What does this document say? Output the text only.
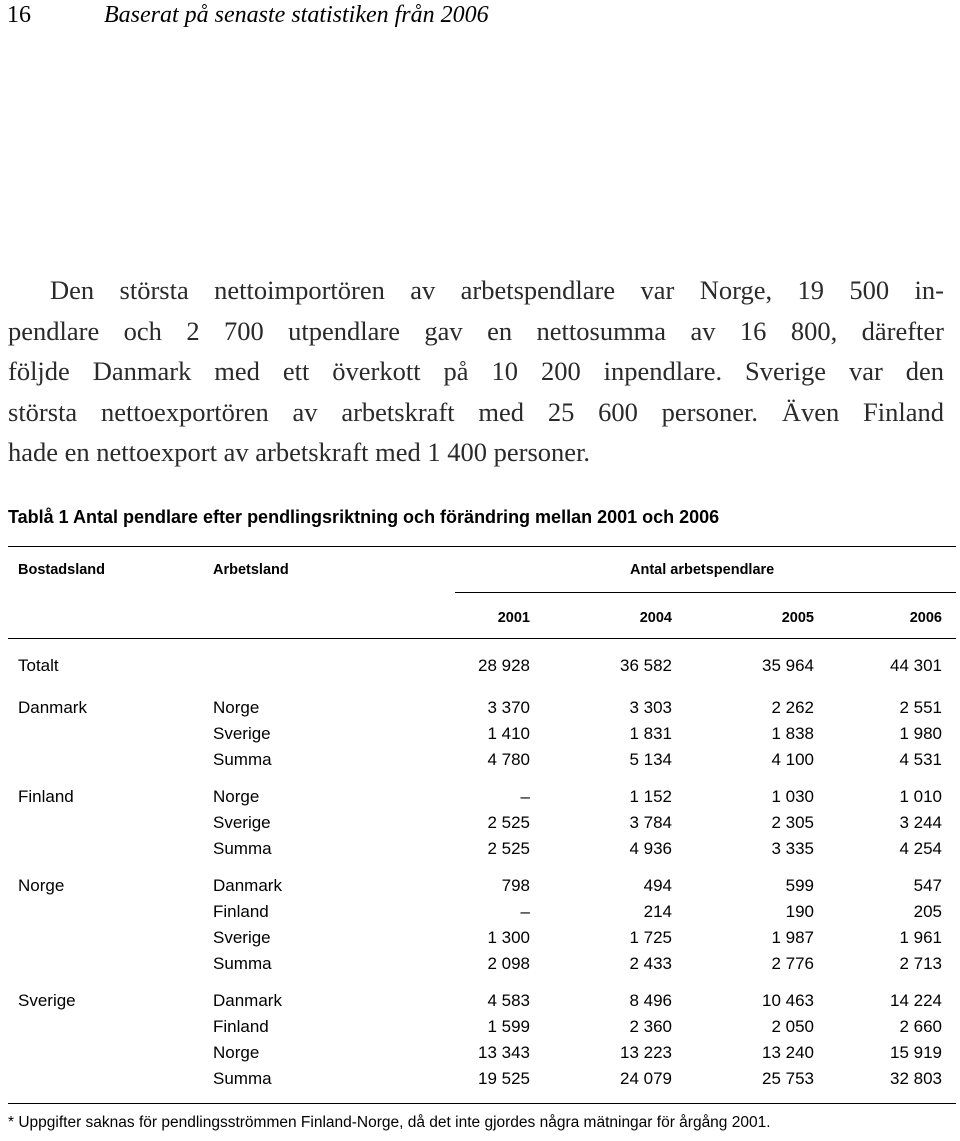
16	Baserat på senaste statistiken från 2006
Den största nettoimportören av arbetspendlare var Norge, 19 500 in-
pendlare och 2 700 utpendlare gav en nettosumma av 16 800, därefter
följde Danmark med ett överkott på 10 200 inpendlare. Sverige var den
största nettoexportören av arbetskraft med 25 600 personer. Även Finland
hade en nettoexport av arbetskraft med 1 400 personer.
Tablå 1 Antal pendlare efter pendlingsriktning och förändring mellan 2001 och 2006
Bostadsland	Arbetsland	Antal arbetspendlare
2001	2004	2005	2006
Totalt	28 928	36 582	35 964	44 301
Danmark	Norge	3 370	3 303	2 262	2 551
Sverige	1 410	1 831	1 838	1 980
Summa	4 780	5 134	4 100	4 531
Finland	Norge	–	1 152	1 030	1 010
Sverige	2 525	3 784	2 305	3 244
Summa	2 525	4 936	3 335	4 254
Norge	Danmark	798	494	599	547
Finland	–	214	190	205
Sverige	1 300	1 725	1 987	1 961
Summa	2 098	2 433	2 776	2 713
Sverige	Danmark	4 583	8 496	10 463	14 224
Finland	1 599	2 360	2 050	2 660
Norge	13 343	13 223	13 240	15 919
Summa	19 525	24 079	25 753	32 803
* Uppgifter saknas för pendlingsströmmen Finland-Norge, då det inte gjordes några mätningar för årgång 2001.
